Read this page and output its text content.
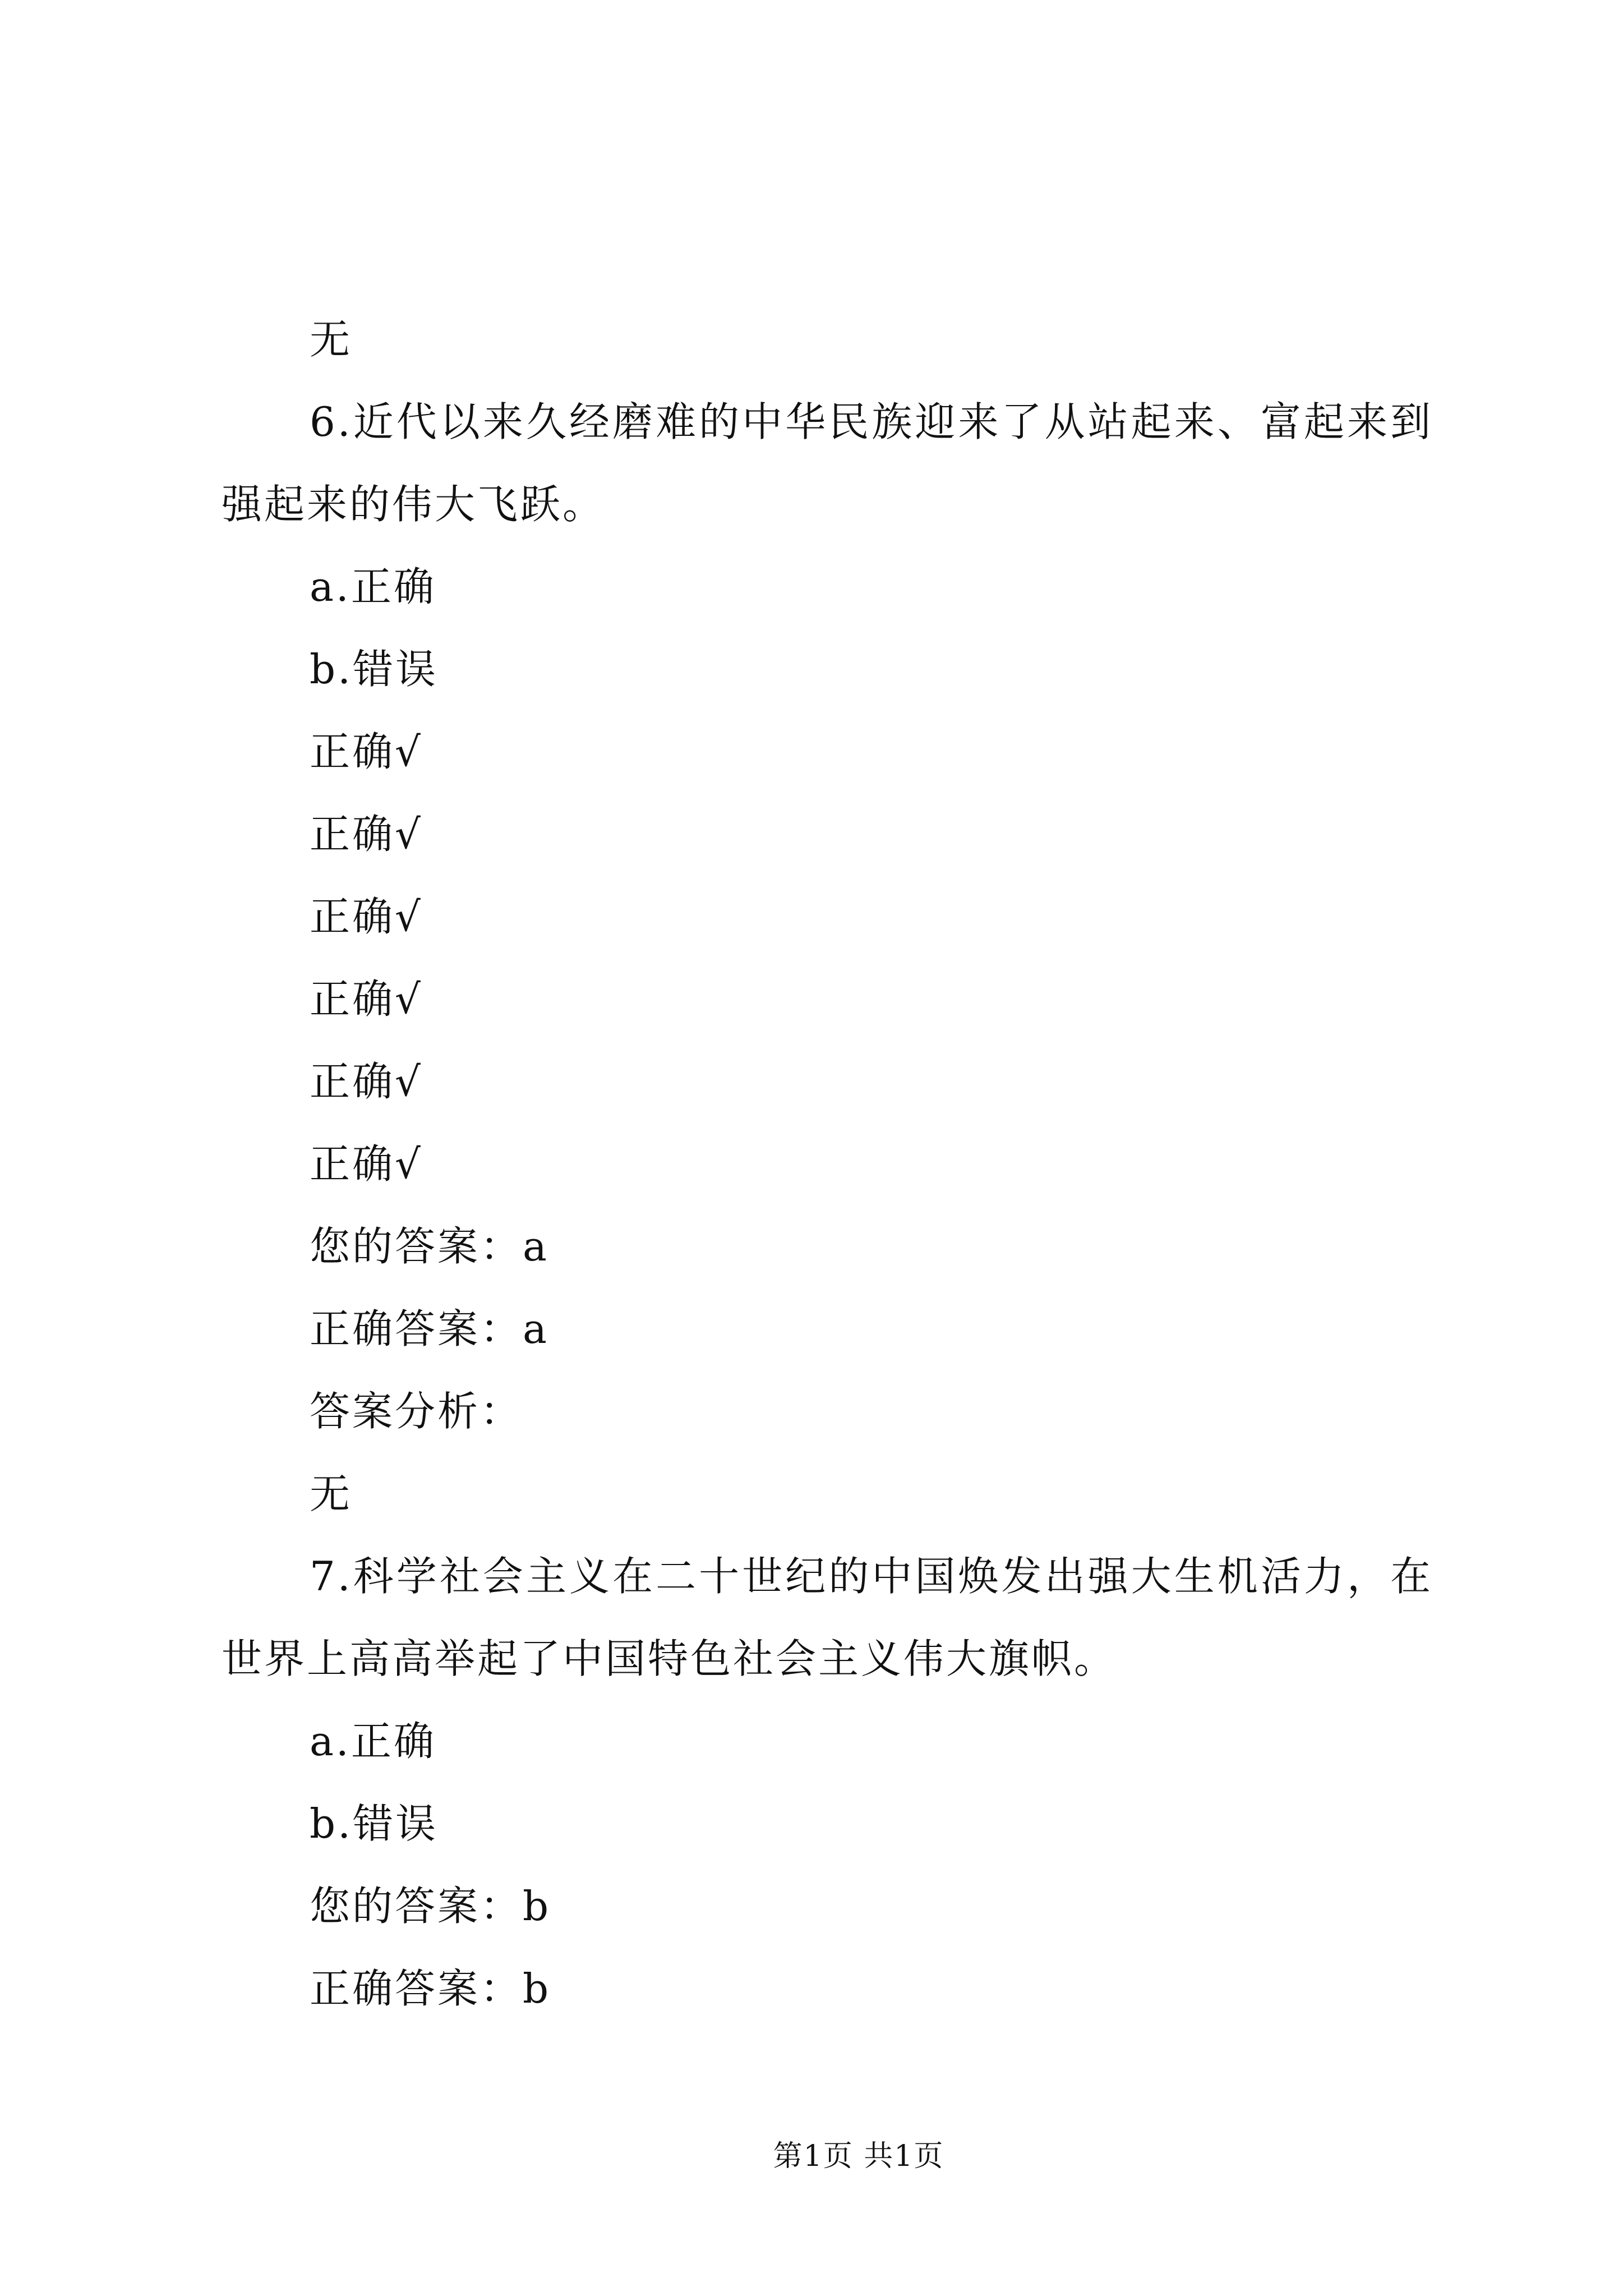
无

6.近代以来久经磨难的中华民族迎来了从站起来、富起来到强起来的伟大飞跃。

a.正确

b.错误

正确√

正确√

正确√

正确√

正确√

正确√

您的答案：a

正确答案：a

答案分析：

无

7.科学社会主义在二十世纪的中国焕发出强大生机活力，在世界上高高举起了中国特色社会主义伟大旗帜。

a.正确

b.错误

您的答案：b

正确答案：b

第1页 共1页
